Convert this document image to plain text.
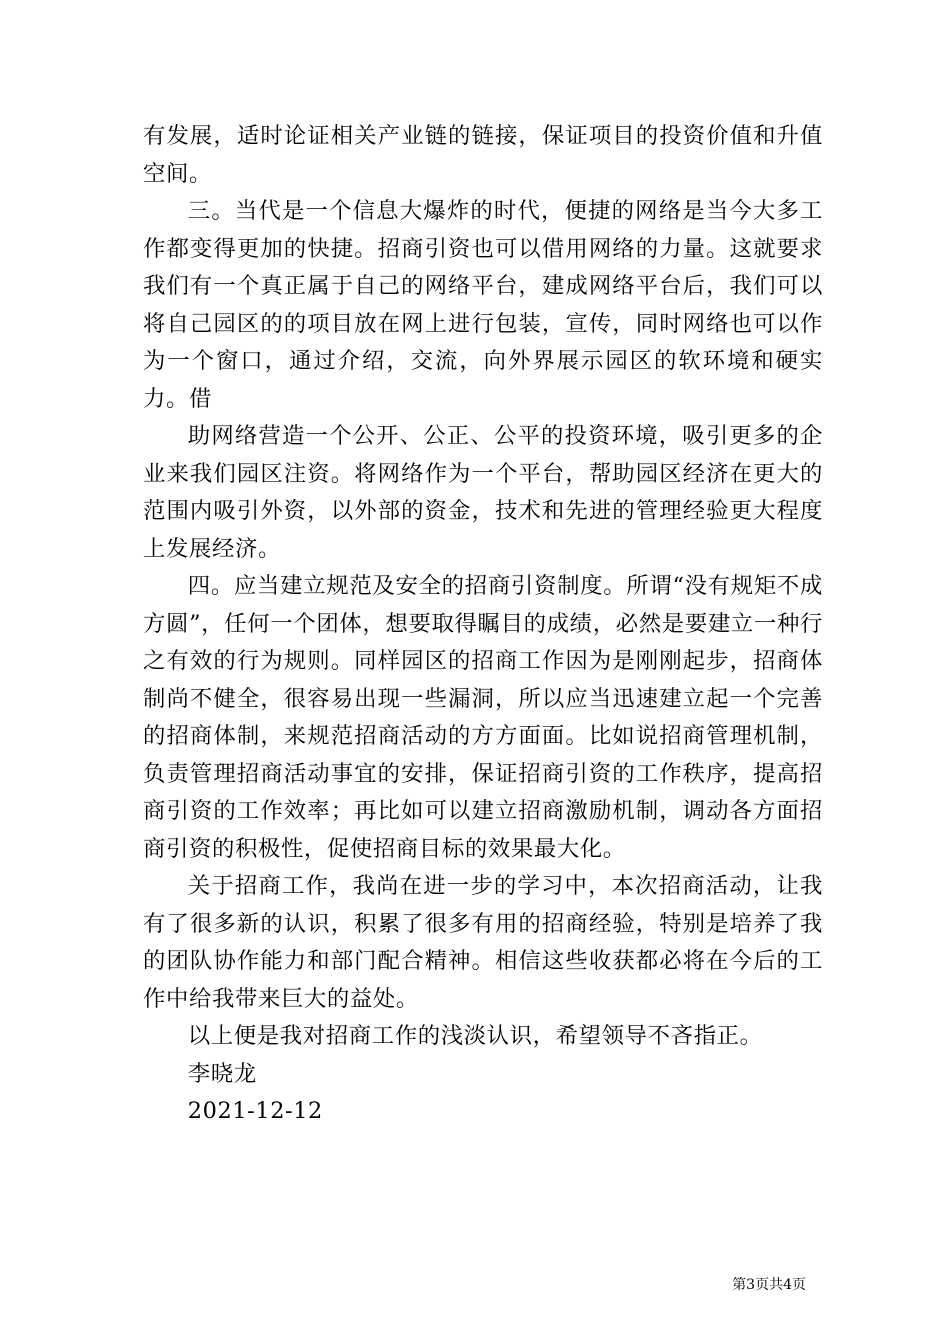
有发展，适时论证相关产业链的链接，保证项目的投资价值和升值空间。

三。当代是一个信息大爆炸的时代，便捷的网络是当今大多工作都变得更加的快捷。招商引资也可以借用网络的力量。这就要求我们有一个真正属于自己的网络平台，建成网络平台后，我们可以将自己园区的的项目放在网上进行包装，宣传，同时网络也可以作为一个窗口，通过介绍，交流，向外界展示园区的软环境和硬实力。借

助网络营造一个公开、公正、公平的投资环境，吸引更多的企业来我们园区注资。将网络作为一个平台，帮助园区经济在更大的范围内吸引外资，以外部的资金，技术和先进的管理经验更大程度上发展经济。

四。应当建立规范及安全的招商引资制度。所谓“没有规矩不成方圆”，任何一个团体，想要取得瞩目的成绩，必然是要建立一种行之有效的行为规则。同样园区的招商工作因为是刚刚起步，招商体制尚不健全，很容易出现一些漏洞，所以应当迅速建立起一个完善的招商体制，来规范招商活动的方方面面。比如说招商管理机制，负责管理招商活动事宜的安排，保证招商引资的工作秩序，提高招商引资的工作效率；再比如可以建立招商激励机制，调动各方面招商引资的积极性，促使招商目标的效果最大化。

关于招商工作，我尚在进一步的学习中，本次招商活动，让我有了很多新的认识，积累了很多有用的招商经验，特别是培养了我的团队协作能力和部门配合精神。相信这些收获都必将在今后的工作中给我带来巨大的益处。

以上便是我对招商工作的浅淡认识，希望领导不吝指正。

李晓龙

2021-12-12

第3页共4页
